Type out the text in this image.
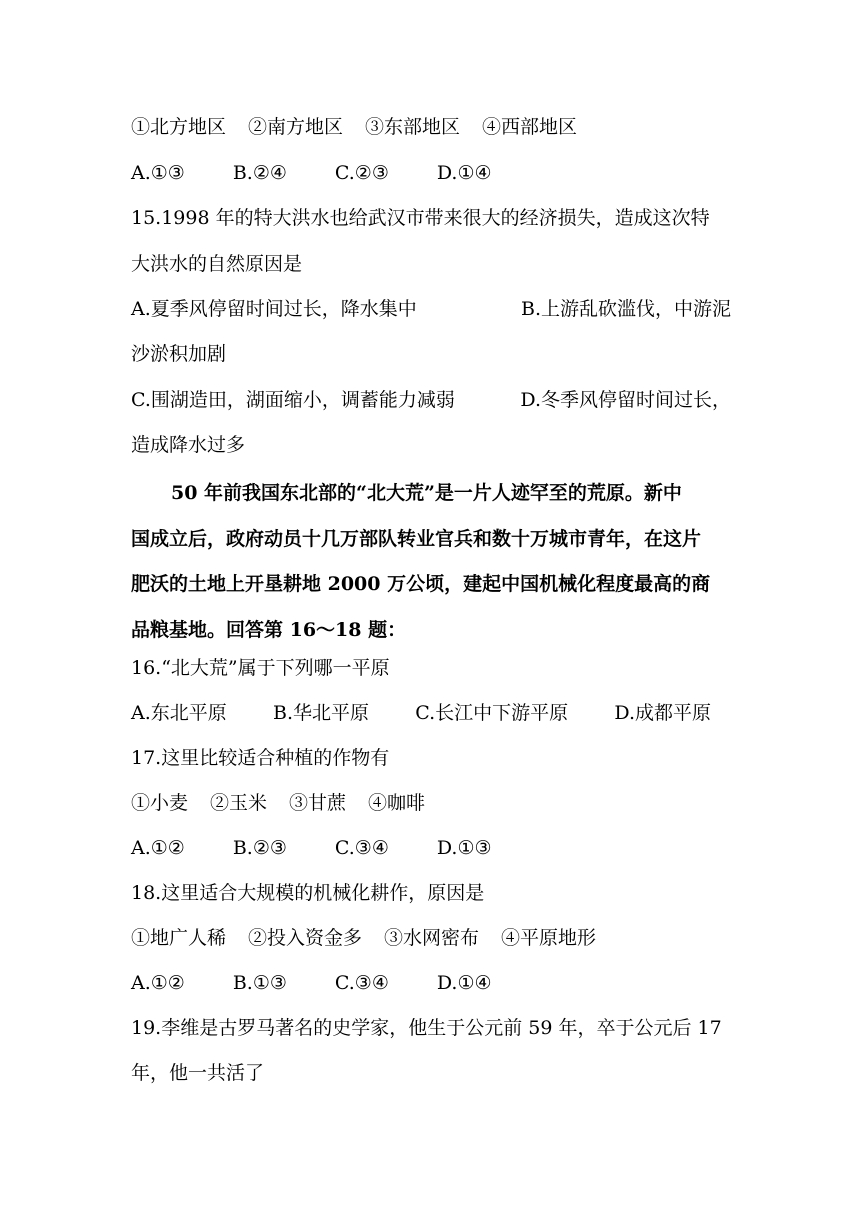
①北方地区 ②南方地区 ③东部地区 ④西部地区
A.①③	B.②④	C.②③	D.①④
15.1998 年的特大洪水也给武汉市带来很大的经济损失，造成这次特
大洪水的自然原因是
A.夏季风停留时间过长，降水集中	B.上游乱砍滥伐，中游泥
沙淤积加剧
C.围湖造田，湖面缩小，调蓄能力减弱	D.冬季风停留时间过长，
造成降水过多
50 年前我国东北部的“北大荒”是一片人迹罕至的荒原。新中
国成立后，政府动员十几万部队转业官兵和数十万城市青年，在这片
肥沃的土地上开垦耕地 2000 万公顷，建起中国机械化程度最高的商
品粮基地。回答第 16～18 题：
16.“北大荒”属于下列哪一平原
A.东北平原 B.华北平原 C.长江中下游平原 D.成都平原
17.这里比较适合种植的作物有
①小麦 ②玉米 ③甘蔗 ④咖啡
A.①②	B.②③	C.③④	D.①③
18.这里适合大规模的机械化耕作，原因是
①地广人稀 ②投入资金多 ③水网密布 ④平原地形
A.①②	B.①③	C.③④	D.①④
19.李维是古罗马著名的史学家，他生于公元前 59 年，卒于公元后 17
年，他一共活了
